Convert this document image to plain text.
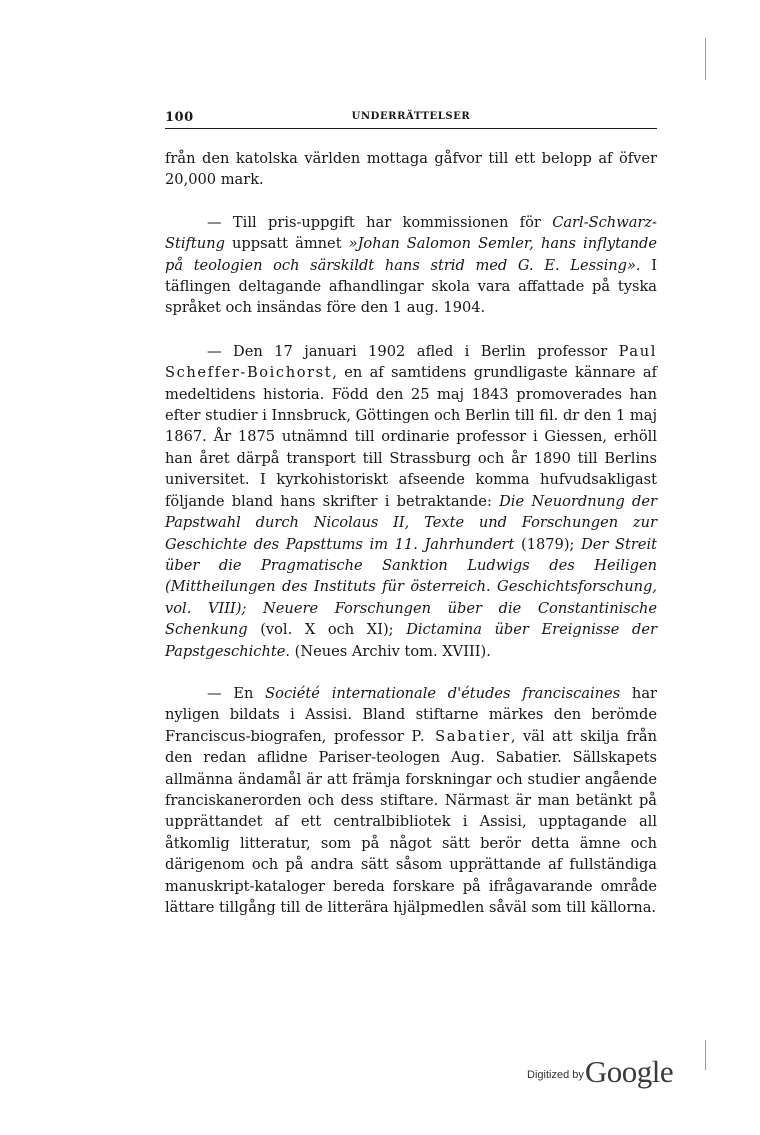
100	UNDERRÄTTELSER

från den katolska världen mottaga gåfvor till ett belopp af öfver 20,000 mark.

— Till pris-uppgift har kommissionen för Carl-Schwarz-Stiftung uppsatt ämnet »Johan Salomon Semler, hans inflytande på teologien och särskildt hans strid med G. E. Lessing». I täflingen deltagande afhandlingar skola vara affattade på tyska språket och insändas före den 1 aug. 1904.

— Den 17 januari 1902 afled i Berlin professor Paul Scheffer-Boichorst, en af samtidens grundligaste kännare af medeltidens historia. Född den 25 maj 1843 promoverades han efter studier i Innsbruck, Göttingen och Berlin till fil. dr den 1 maj 1867. År 1875 utnämnd till ordinarie professor i Giessen, erhöll han året därpå transport till Strassburg och år 1890 till Berlins universitet. I kyrkohistoriskt afseende komma hufvudsakligast följande bland hans skrifter i betraktande: Die Neuordnung der Papstwahl durch Nicolaus II, Texte und Forschungen zur Geschichte des Papsttums im 11. Jahrhundert (1879); Der Streit über die Pragmatische Sanktion Ludwigs des Heiligen (Mittheilungen des Instituts für österreich. Geschichtsforschung, vol. VIII); Neuere Forschungen über die Constantinische Schenkung (vol. X och XI); Dictamina über Ereignisse der Papstgeschichte. (Neues Archiv tom. XVIII).

— En Société internationale d'études franciscaines har nyligen bildats i Assisi. Bland stiftarne märkes den berömde Franciscus-biografen, professor P. Sabatier, väl att skilja från den redan aflidne Pariser-teologen Aug. Sabatier. Sällskapets allmänna ändamål är att främja forskningar och studier angående franciskanerorden och dess stiftare. Närmast är man betänkt på upprättandet af ett centralbibliotek i Assisi, upptagande all åtkomlig litteratur, som på något sätt berör detta ämne och därigenom och på andra sätt såsom upprättande af fullständiga manuskript-kataloger bereda forskare på ifrågavarande område lättare tillgång till de litterära hjälpmedlen såväl som till källorna.

$^{Digitized by}$Google
